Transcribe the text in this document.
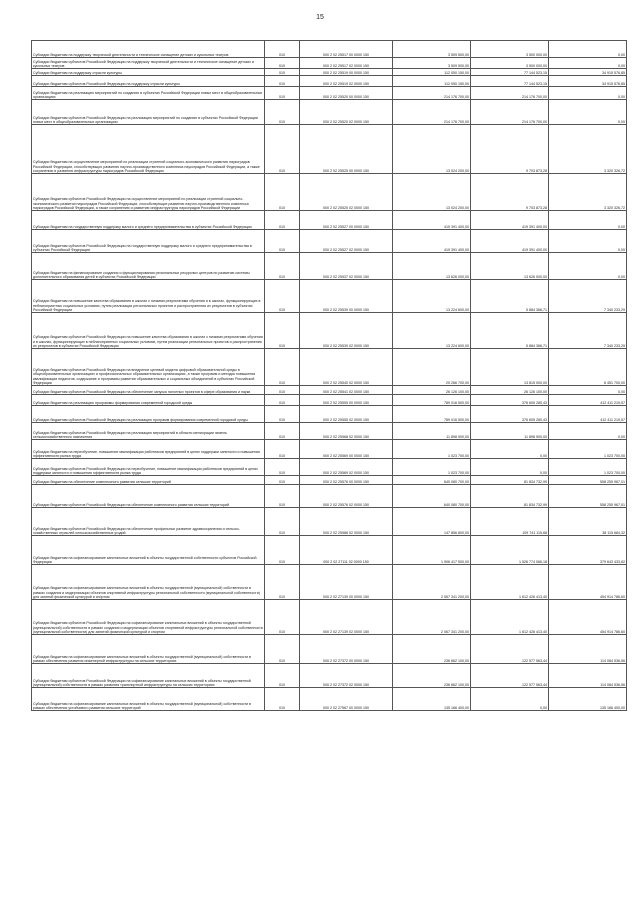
15
Субсидии бюджетам на поддержку творческой деятельности и техническое оснащение детских и кукольных театров	010	000 2 02 25517 00 0000 150	3 509 500,00	3 500 000,00	0,00
Субсидии бюджетам субъектов Российской Федерации на поддержку творческой деятельности и техническое оснащение детских и кукольных театров	010	000 2 02 25517 02 0000 150	3 509 500,00	3 500 000,00	0,00
Субсидии бюджетам на поддержку отрасли культуры	010	000 2 02 25519 00 0000 150	112 050 150,00	77 144 523,15	34 915 576,85
Субсидии бюджетам субъектов Российской Федерации на поддержку отрасли культуры	010	000 2 02 25519 02 0000 150	112 050 150,00	77 144 523,15	34 915 576,85
Субсидии бюджетам на реализацию мероприятий по созданию в субъектах Российской Федерации новых мест в общеобразовательных организациях	010	000 2 02 25520 00 0000 150	214 176 700,00	214 176 700,00	0,00
Субсидии бюджетам субъектов Российской Федерации на реализацию мероприятий по созданию в субъектах Российской Федерации новых мест в общеобразовательных организациях	010	000 2 02 25520 02 0000 150	214 176 700,00	214 176 700,00	0,00
Субсидии бюджетам на осуществление мероприятий по реализации стратегий социально-экономического развития наукоградов Российской Федерации, способствующих развитию научно-производственного комплекса наукоградов Российской Федерации, а также сохранению и развитию инфраструктуры наукоградов Российской Федерации	010	000 2 02 25525 00 0000 150	13 024 200,00	9 703 873,28	3 320 326,72
Субсидии бюджетам субъектов Российской Федерации на осуществление мероприятий по реализации стратегий социально-экономического развития наукоградов Российской Федерации, способствующих развитию научно-производственного комплекса наукоградов Российской Федерации, а также сохранению и развитию инфраструктуры наукоградов Российской Федерации	010	000 2 02 25525 02 0000 150	13 024 200,00	9 703 873,28	3 320 326,72
Субсидии бюджетам на государственную поддержку малого и среднего предпринимательства в субъектах Российской Федерации	010	000 2 02 25527 00 0000 150	419 391 400,00	419 391 400,00	0,00
Субсидии бюджетам субъектов Российской Федерации на государственную поддержку малого и среднего предпринимательства в субъектах Российской Федерации	010	000 2 02 25527 02 0000 150	419 391 400,00	419 391 400,00	0,00
Субсидии бюджетам на финансирование создания и функционирования региональных ресурсных центров по развитию системы дополнительного образования детей в субъектах Российской Федерации	010	000 2 02 25537 02 0000 150	13 626 000,00	13 626 000,00	0,00
Субсидии бюджетам на повышение качества образования в школах с низкими результатами обучения и в школах, функционирующих в неблагоприятных социальных условиях, путем реализации региональных проектов и распространения их результатов в субъектах Российской Федерации	010	000 2 02 25539 00 0000 150	13 224 600,00	5 884 366,71	7 340 233,29
Субсидии бюджетам субъектов Российской Федерации на повышение качества образования в школах с низкими результатами обучения и в школах, функционирующих в неблагоприятных социальных условиях, путем реализации региональных проектов и распространения их результатов в субъектах Российской Федерации	010	000 2 02 25539 02 0000 150	13 224 600,00	5 884 366,71	7 340 233,29
Субсидии бюджетам субъектов Российской Федерации на внедрение целевой модели цифровой образовательной среды в общеобразовательных организациях и профессиональных образовательных организациях, а также программ и методик повышения квалификации педагогов, содержание и программы развития образовательных и социальных объединений в субъектах Российской Федерации	010	000 2 02 25540 02 0000 150	20 266 700,00	13 815 000,00	6 451 700,00
Субсидии бюджетам субъектов Российской Федерации на обеспечение запуска пилотных проектов в сфере образования и науки	010	000 2 02 25541 02 0000 150	26 126 100,00	26 126 100,00	0,00
Субсидии бюджетам на реализацию программы формирования современной городской среды	010	000 2 02 25555 00 0000 150	789 016 500,00	376 605 280,43	412 411 219,57
Субсидии бюджетам субъектов Российской Федерации на реализацию программ формирования современной городской среды	010	000 2 02 25555 02 0000 150	789 016 500,00	376 605 280,43	412 411 219,57
Субсидии бюджетам субъектов Российской Федерации на реализацию мероприятий в области мелиорации земель сельскохозяйственного назначения	010	000 2 02 25568 02 0000 150	11 898 900,00	11 898 900,00	0,00
Субсидии бюджетам на переобучение, повышение квалификации работников предприятий в целях поддержки занятости и повышения эффективности рынка труда	010	000 2 02 25569 00 0000 150	1 023 700,00	0,00	1 023 700,00
Субсидии бюджетам субъектов Российской Федерации на переобучение, повышение квалификации работников предприятий в целях поддержки занятости и повышения эффективности рынка труда	010	000 2 02 25569 02 0000 150	1 023 700,00	0,00	1 023 700,00
Субсидии бюджетам на обеспечение комплексного развития сельских территорий	010	000 2 02 25576 00 0000 150	640 080 700,00	81 834 732,99	558 255 967,01
Субсидии бюджетам субъектов Российской Федерации на обеспечение комплексного развития сельских территорий	010	000 2 02 25576 02 0000 150	640 080 700,00	81 834 732,99	558 255 967,01
Субсидии бюджетам субъектов Российской Федерации на обеспечение профильных развитие здравоохранения и сельско-хозяйственных отраслей сельскохозяйственных угодий	010	000 2 02 25586 02 0000 150	147 856 800,00	109 741 115,68	38 115 684,32
Субсидии бюджетам на софинансирование капитальных вложений в объекты государственной собственности субъектов Российской Федерации	010	000 2 02 27111 02 0000 150	1 906 417 500,00	1 526 774 066,18	379 643 433,82
Субсидии бюджетам на софинансирование капитальных вложений в объекты государственной (муниципальной) собственности в рамках создания и модернизации объектов спортивной инфраструктуры региональной собственности (муниципальной собственности) для занятий физической культурой и спортом	010	000 2 02 27139 00 0000 150	2 067 341 200,00	1 612 426 413,40	454 914 786,60
Субсидии бюджетам субъектов Российской Федерации на софинансирование капитальных вложений в объекты государственной (муниципальной) собственности в рамках создания и модернизации объектов спортивной инфраструктуры региональной собственности (муниципальной собственности) для занятий физической культурой и спортом	010	000 2 02 27139 02 0000 150	2 067 341 200,00	1 612 426 413,40	454 914 786,60
Субсидии бюджетам на софинансирование капитальных вложений в объекты государственной (муниципальной) собственности в рамках обеспечения развития инженерной инфраструктуры на сельских территориях	010	000 2 02 27372 00 0000 150	236 662 100,00	122 577 563,44	114 084 536,56
Субсидии бюджетам субъектов Российской Федерации на софинансирование капитальных вложений в объекты государственной (муниципальной) собственности в рамках развития транспортной инфраструктуры на сельских территориях	010	000 2 02 27372 02 0000 150	236 662 100,00	122 577 563,44	114 084 536,56
Субсидии бюджетам на софинансирование капитальных вложений в объекты государственной (муниципальной) собственности в рамках обеспечения устойчивого развития сельских территорий	010	000 2 02 27567 00 0000 150	135 166 400,00	0,00	135 166 400,00
